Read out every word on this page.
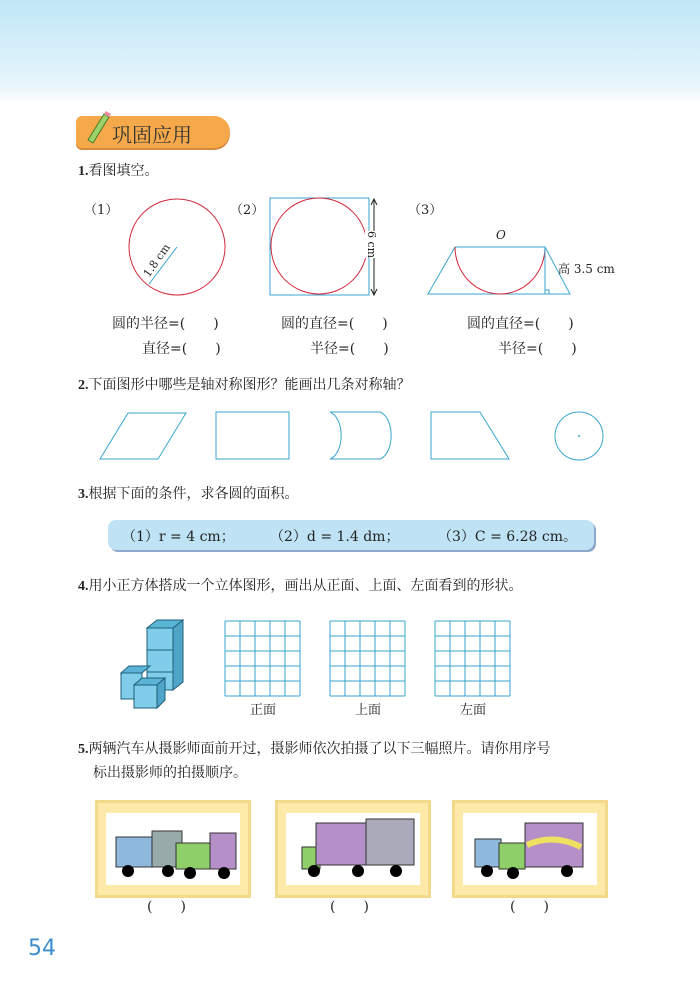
巩固应用
1.看图填空。
（1）	（2）	（3）
1.8 cm	6 cm	O
高 3.5 cm
圆的半径=(　　)
直径=(　　)
圆的直径=(　　)
半径=(　　)
圆的直径=(　　)
半径=(　　)
2.下面图形中哪些是轴对称图形？能画出几条对称轴？
3.根据下面的条件，求各圆的面积。
（1）r = 4 cm；	（2）d = 1.4 dm；	（3）C = 6.28 cm。
4.用小正方体搭成一个立体图形，画出从正面、上面、左面看到的形状。
正面	上面	左面
5.两辆汽车从摄影师面前开过，摄影师依次拍摄了以下三幅照片。请你用序号
标出摄影师的拍摄顺序。
(　　)	(　　)	(　　)
54
